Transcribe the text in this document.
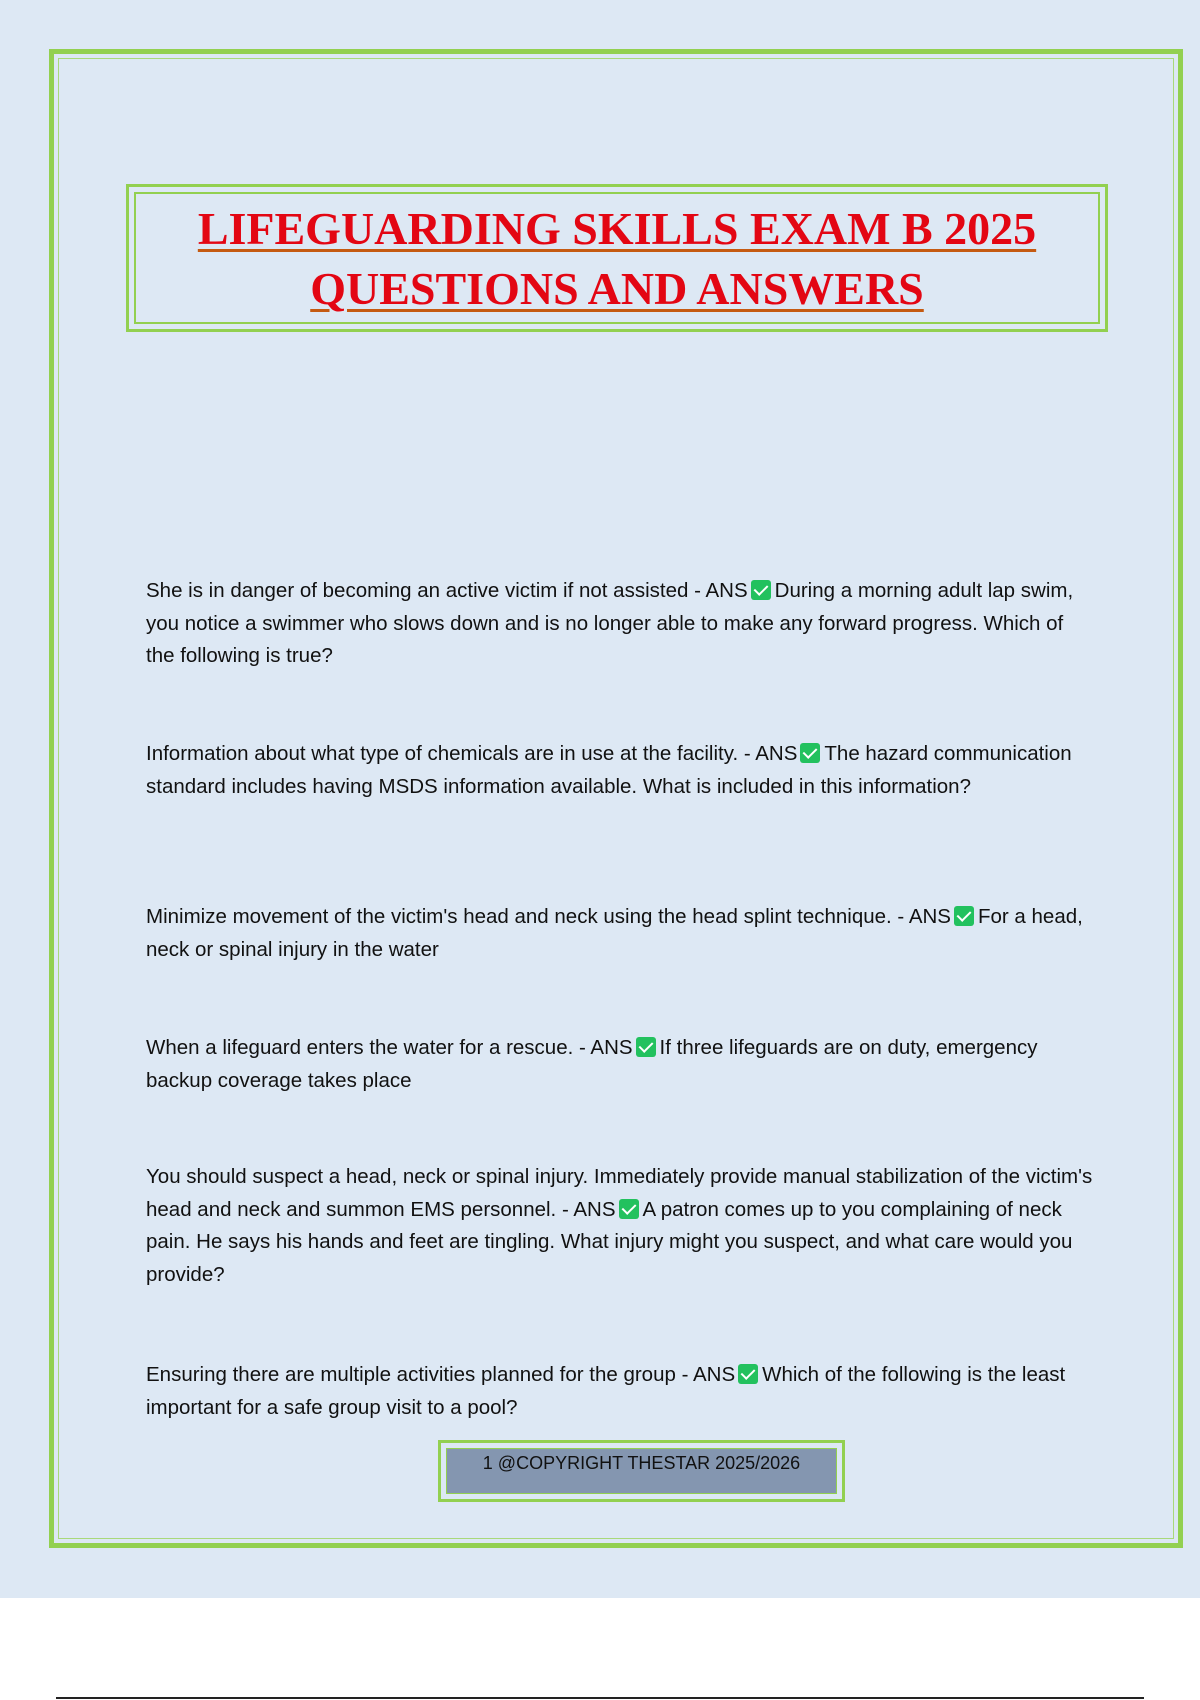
LIFEGUARDING SKILLS EXAM B 2025
QUESTIONS AND ANSWERS

She is in danger of becoming an active victim if not assisted - ANS During a morning adult lap swim, you notice a swimmer who slows down and is no longer able to make any forward progress. Which of the following is true?

Information about what type of chemicals are in use at the facility. - ANS The hazard communication standard includes having MSDS information available. What is included in this information?

Minimize movement of the victim's head and neck using the head splint technique. - ANS For a head, neck or spinal injury in the water

When a lifeguard enters the water for a rescue. - ANS If three lifeguards are on duty, emergency backup coverage takes place

You should suspect a head, neck or spinal injury. Immediately provide manual stabilization of the victim's head and neck and summon EMS personnel. - ANS A patron comes up to you complaining of neck pain. He says his hands and feet are tingling. What injury might you suspect, and what care would you provide?

Ensuring there are multiple activities planned for the group - ANS Which of the following is the least important for a safe group visit to a pool?

1 @COPYRIGHT THESTAR 2025/2026
